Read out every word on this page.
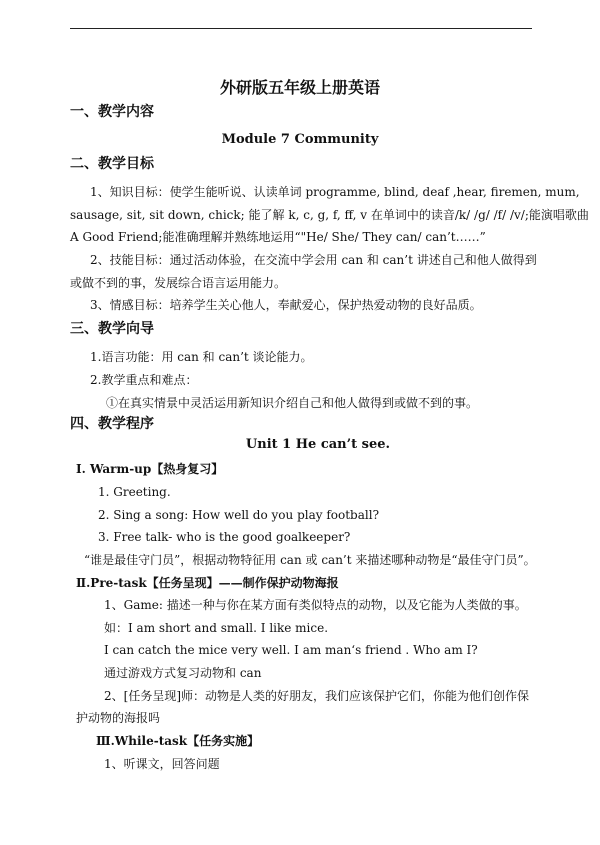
外研版五年级上册英语
一、教学内容
Module 7 Community
二、教学目标
1、知识目标：使学生能听说、认读单词 programme, blind, deaf ,hear, firemen, mum,
sausage, sit, sit down, chick; 能了解 k, c, g, f, ff, v 在单词中的读音/k/ /g/ /f/ /v/;能演唱歌曲
A Good Friend;能准确理解并熟练地运用“"He/ She/ They can/ can’t……”
2、技能目标：通过活动体验，在交流中学会用 can 和 can’t 讲述自己和他人做得到
或做不到的事，发展综合语言运用能力。
3、情感目标：培养学生关心他人，奉献爱心，保护热爱动物的良好品质。
三、教学向导
1.语言功能：用 can 和 can’t 谈论能力。
2.教学重点和难点：
①在真实情景中灵活运用新知识介绍自己和他人做得到或做不到的事。
四、教学程序
Unit 1 He can’t see.
Ⅰ. Warm-up【热身复习】
1. Greeting.
2. Sing a song: How well do you play football?
3. Free talk- who is the good goalkeeper?
“谁是最佳守门员”，根据动物特征用 can 或 can’t 来描述哪种动物是“最佳守门员”。
Ⅱ.Pre-task【任务呈现】——制作保护动物海报
1、Game: 描述一种与你在某方面有类似特点的动物，以及它能为人类做的事。
如：I am short and small. I like mice.
I can catch the mice very well. I am man‘s friend . Who am I?
通过游戏方式复习动物和 can
2、[任务呈现]师：动物是人类的好朋友，我们应该保护它们，你能为他们创作保
护动物的海报吗
Ⅲ.While-task【任务实施】
1、听课文，回答问题
